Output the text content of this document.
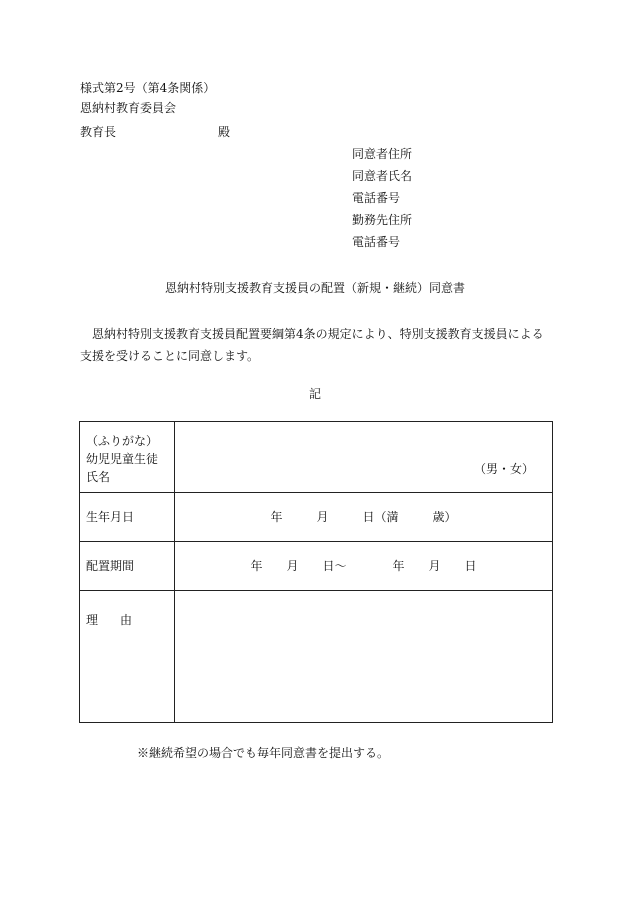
様式第2号（第4条関係）
恩納村教育委員会
教育長	殿
同意者住所
同意者氏名
電話番号
勤務先住所
電話番号
恩納村特別支援教育支援員の配置（新規・継続）同意書
恩納村特別支援教育支援員配置要綱第4条の規定により、特別支援教育支援員による支援を受けることに同意します。
記
（ふりがな）
幼児児童生徒
氏名	（男・女）

生年月日	年 月 日（満 歳）

配置期間	年 月 日～ 年 月 日

理 由	

※継続希望の場合でも毎年同意書を提出する。
